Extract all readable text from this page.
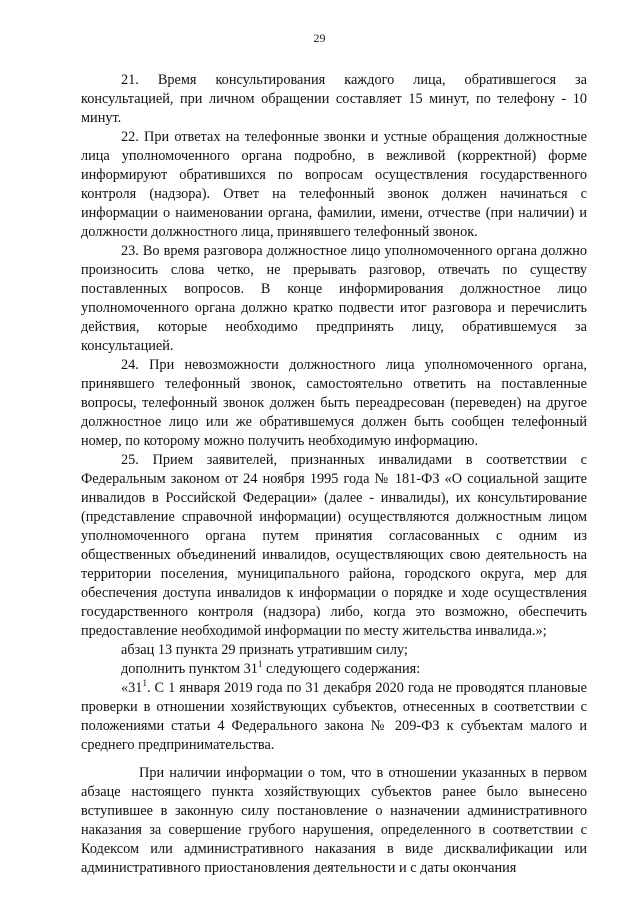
29

21. Время консультирования каждого лица, обратившегося за консультацией, при личном обращении составляет 15 минут, по телефону - 10 минут.

22. При ответах на телефонные звонки и устные обращения должностные лица уполномоченного органа подробно, в вежливой (корректной) форме информируют обратившихся по вопросам осуществления государственного контроля (надзора). Ответ на телефонный звонок должен начинаться с информации о наименовании органа, фамилии, имени, отчестве (при наличии) и должности должностного лица, принявшего телефонный звонок.

23. Во время разговора должностное лицо уполномоченного органа должно произносить слова четко, не прерывать разговор, отвечать по существу поставленных вопросов. В конце информирования должностное лицо уполномоченного органа должно кратко подвести итог разговора и перечислить действия, которые необходимо предпринять лицу, обратившемуся за консультацией.

24. При невозможности должностного лица уполномоченного органа, принявшего телефонный звонок, самостоятельно ответить на поставленные вопросы, телефонный звонок должен быть переадресован (переведен) на другое должностное лицо или же обратившемуся должен быть сообщен телефонный номер, по которому можно получить необходимую информацию.

25. Прием заявителей, признанных инвалидами в соответствии с Федеральным законом от 24 ноября 1995 года № 181-ФЗ «О социальной защите инвалидов в Российской Федерации» (далее - инвалиды), их консультирование (представление справочной информации) осуществляются должностным лицом уполномоченного органа путем принятия согласованных с одним из общественных объединений инвалидов, осуществляющих свою деятельность на территории поселения, муниципального района, городского округа, мер для обеспечения доступа инвалидов к информации о порядке и ходе осуществления государственного контроля (надзора) либо, когда это возможно, обеспечить предоставление необходимой информации по месту жительства инвалида.»;

абзац 13 пункта 29 признать утратившим силу;

дополнить пунктом $31^1$ следующего содержания:

«$31^1$. С 1 января 2019 года по 31 декабря 2020 года не проводятся плановые проверки в отношении хозяйствующих субъектов, отнесенных в соответствии с положениями статьи 4 Федерального закона № 209-ФЗ к субъектам малого и среднего предпринимательства.

При наличии информации о том, что в отношении указанных в первом абзаце настоящего пункта хозяйствующих субъектов ранее было вынесено вступившее в законную силу постановление о назначении административного наказания за совершение грубого нарушения, определенного в соответствии с Кодексом или административного наказания в виде дисквалификации или административного приостановления деятельности и с даты окончания
